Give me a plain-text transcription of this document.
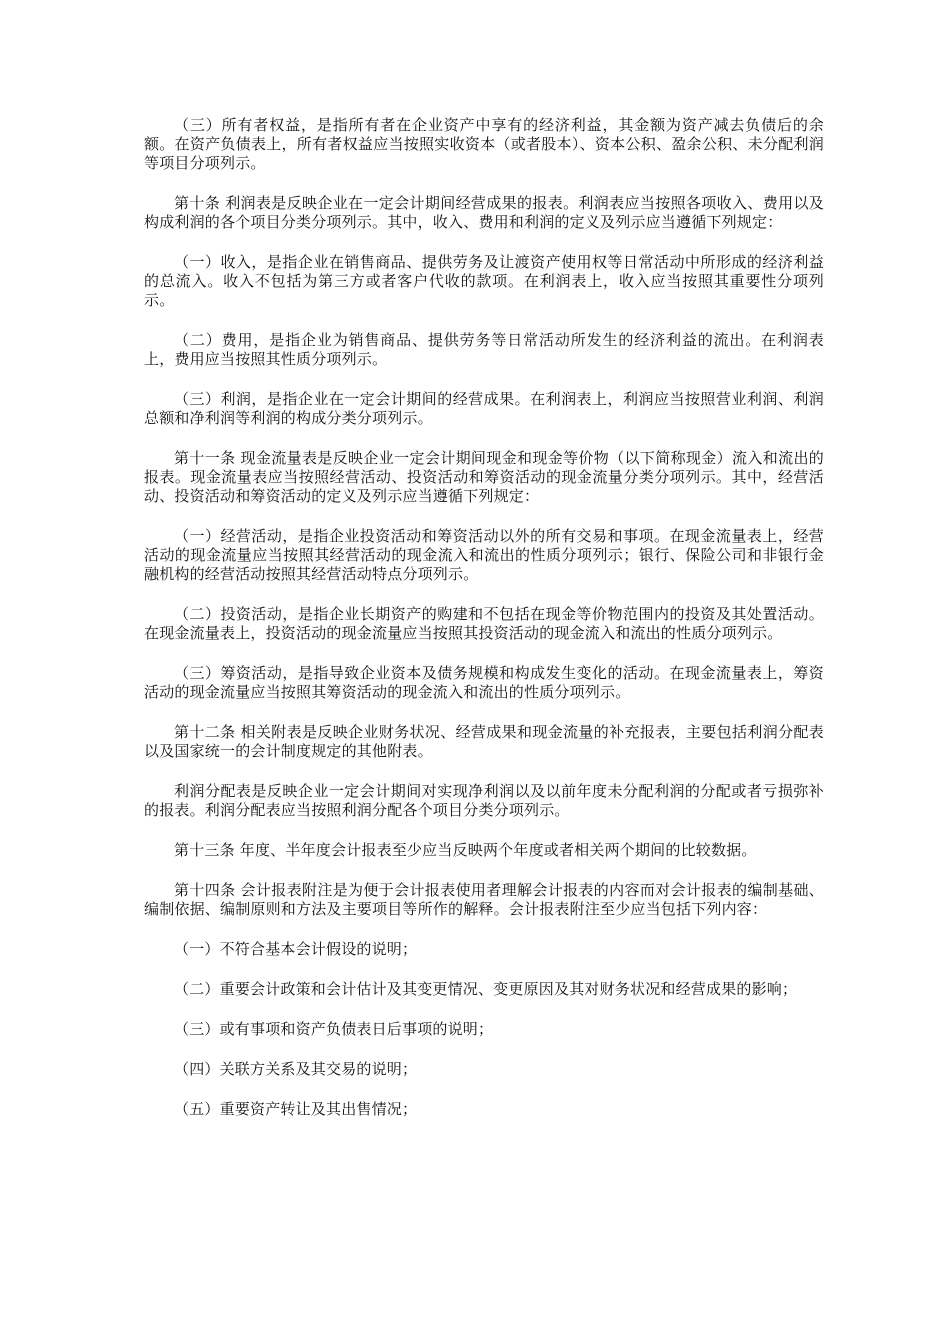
（三）所有者权益，是指所有者在企业资产中享有的经济利益，其金额为资产减去负债后的余额。在资产负债表上，所有者权益应当按照实收资本（或者股本）、资本公积、盈余公积、未分配利润等项目分项列示。

第十条 利润表是反映企业在一定会计期间经营成果的报表。利润表应当按照各项收入、费用以及构成利润的各个项目分类分项列示。其中，收入、费用和利润的定义及列示应当遵循下列规定：

（一）收入，是指企业在销售商品、提供劳务及让渡资产使用权等日常活动中所形成的经济利益的总流入。收入不包括为第三方或者客户代收的款项。在利润表上，收入应当按照其重要性分项列示。

（二）费用，是指企业为销售商品、提供劳务等日常活动所发生的经济利益的流出。在利润表上，费用应当按照其性质分项列示。

（三）利润，是指企业在一定会计期间的经营成果。在利润表上，利润应当按照营业利润、利润总额和净利润等利润的构成分类分项列示。

第十一条 现金流量表是反映企业一定会计期间现金和现金等价物（以下简称现金）流入和流出的报表。现金流量表应当按照经营活动、投资活动和筹资活动的现金流量分类分项列示。其中，经营活动、投资活动和筹资活动的定义及列示应当遵循下列规定：

（一）经营活动，是指企业投资活动和筹资活动以外的所有交易和事项。在现金流量表上，经营活动的现金流量应当按照其经营活动的现金流入和流出的性质分项列示；银行、保险公司和非银行金融机构的经营活动按照其经营活动特点分项列示。

（二）投资活动，是指企业长期资产的购建和不包括在现金等价物范围内的投资及其处置活动。在现金流量表上，投资活动的现金流量应当按照其投资活动的现金流入和流出的性质分项列示。

（三）筹资活动，是指导致企业资本及债务规模和构成发生变化的活动。在现金流量表上，筹资活动的现金流量应当按照其筹资活动的现金流入和流出的性质分项列示。

第十二条 相关附表是反映企业财务状况、经营成果和现金流量的补充报表，主要包括利润分配表以及国家统一的会计制度规定的其他附表。

利润分配表是反映企业一定会计期间对实现净利润以及以前年度未分配利润的分配或者亏损弥补的报表。利润分配表应当按照利润分配各个项目分类分项列示。

第十三条 年度、半年度会计报表至少应当反映两个年度或者相关两个期间的比较数据。

第十四条 会计报表附注是为便于会计报表使用者理解会计报表的内容而对会计报表的编制基础、编制依据、编制原则和方法及主要项目等所作的解释。会计报表附注至少应当包括下列内容：

（一）不符合基本会计假设的说明；

（二）重要会计政策和会计估计及其变更情况、变更原因及其对财务状况和经营成果的影响；

（三）或有事项和资产负债表日后事项的说明；

（四）关联方关系及其交易的说明；

（五）重要资产转让及其出售情况；
